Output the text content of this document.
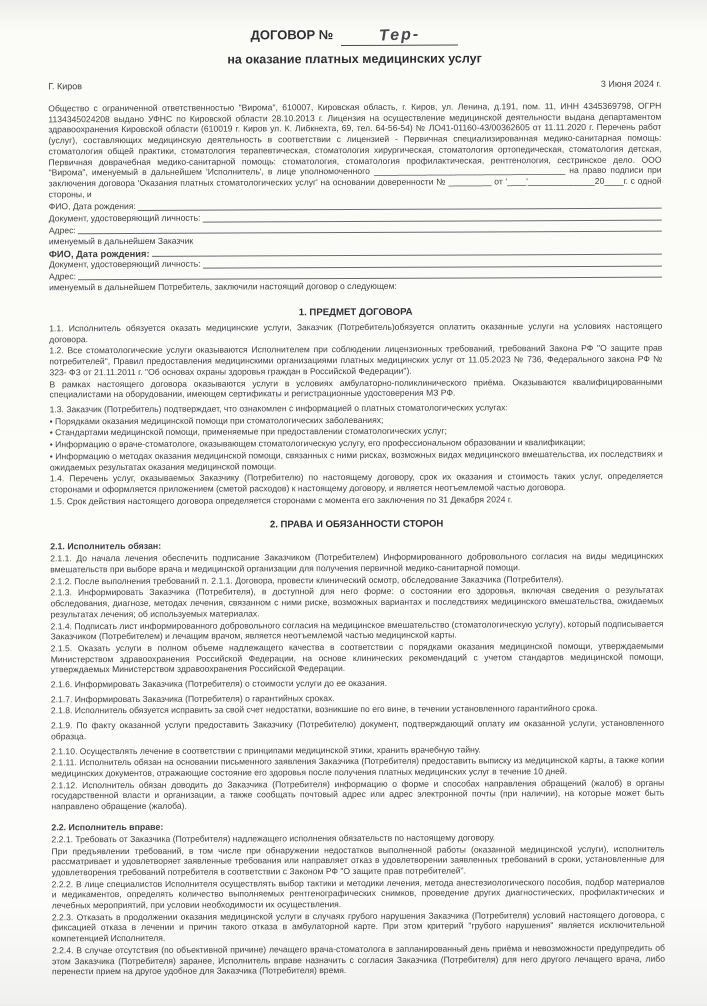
ДОГОВОР №	Тер-
на оказание платных медицинских услуг
Г. Киров	3 Июня 2024 г.

Общество с ограниченной ответственностью "Вирома", 610007, Кировская область, г. Киров, ул. Ленина, д.191, пом. 11, ИНН 4345369798, ОГРН 1134345024208 выдано УФНС по Кировской области 28.10.2013 г. Лицензия на осуществление медицинской деятельности выдана департаментом здравоохранения Кировской области (610019 г. Киров ул. К. Либкнехта, 69, тел. 64-56-54) № ЛО41-01160-43/00362605 от 11.11.2020 г. Перечень работ (услуг), составляющих медицинскую деятельность в соответствии с лицензией - Первичная специализированная медико-санитарная помощь: стоматология общей практики, стоматология терапевтическая, стоматология хирургическая, стоматология ортопедическая, стоматология детская, Первичная доврачебная медико-санитарной помощь: стоматология, стоматология профилактическая, рентгенология, сестринское дело. ООО "Вирома", именуемый в дальнейшем 'Исполнитель', в лице уполномоченного ________________________________________ на право подписи при заключения договора 'Оказания платных стоматологических услуг' на основании доверенности № _________ от '____'______________20____г. с одной стороны, и

ФИО, Дата рождения:
Документ, удостоверяющий личность:
Адрес:
именуемый в дальнейшем Заказчик
ФИО, Дата рождения:
Документ, удостоверяющий личность:
Адрес:
именуемый в дальнейшем Потребитель, заключили настоящий договор о следующем:
1. ПРЕДМЕТ ДОГОВОРА

1.1. Исполнитель обязуется оказать медицинские услуги, Заказчик (Потребитель)обязуется оплатить оказанные услуги на условиях настоящего договора.

1.2. Все стоматологические услуги оказываются Исполнителем при соблюдении лицензионных требований, требований Закона РФ "О защите прав потребителей", Правил предоставления медицинскими организациями платных медицинских услуг от 11.05.2023 № 736, Федерального закона РФ № 323- ФЗ от 21.11.2011 г. "Об основах охраны здоровья граждан в Российской Федерации").

В рамках настоящего договора оказываются услуги в условиях амбулаторно-поликлинического приёма. Оказываются квалифицированными специалистами на оборудовании, имеющем сертификаты и регистрационные удостоверения МЗ РФ.

1.3. Заказчик (Потребитель) подтверждает, что ознакомлен с информацией о платных стоматологических услугах:

• Порядками оказания медицинской помощи при стоматологических заболеваниях;

• Стандартами медицинской помощи, применяемые при предоставлении стоматологических услуг;

• Информацию о враче-стоматологе, оказывающем стоматологическую услугу, его профессиональном образовании и квалификации;

• Информацию о методах оказания медицинской помощи, связанных с ними рисках, возможных видах медицинского вмешательства, их последствиях и ожидаемых результатах оказания медицинской помощи.

1.4. Перечень услуг, оказываемых Заказчику (Потребителю) по настоящему договору, срок их оказания и стоимость таких услуг, определяется сторонами и оформляется приложением (сметой расходов) к настоящему договору, и является неотъемлемой частью договора.

1.5. Срок действия настоящего договора определяется сторонами с момента его заключения по 31 Декабря 2024 г.

2. ПРАВА И ОБЯЗАННОСТИ СТОРОН
2.1. Исполнитель обязан:

2.1.1. До начала лечения обеспечить подписание Заказчиком (Потребителем) Информированного добровольного согласия на виды медицинских вмешательств при выборе врача и медицинской организации для получения первичной медико-санитарной помощи.

2.1.2. После выполнения требований п. 2.1.1. Договора, провести клинический осмотр, обследование Заказчика (Потребителя).

2.1.3. Информировать Заказчика (Потребителя), в доступной для него форме: о состоянии его здоровья, включая сведения о результатах обследования, диагнозе, методах лечения, связанном с ними риске, возможных вариантах и последствиях медицинского вмешательства, ожидаемых результатах лечения; об используемых материалах.

2.1.4. Подписать лист информированного добровольного согласия на медицинское вмешательство (стоматологическую услугу), который подписывается Заказчиком (Потребителем) и лечащим врачом, является неотъемлемой частью медицинской карты.

2.1.5. Оказать услуги в полном объеме надлежащего качества в соответствии с порядками оказания медицинской помощи, утверждаемыми Министерством здравоохранения Российской Федерации, на основе клинических рекомендаций с учетом стандартов медицинской помощи, утверждаемых Министерством здравоохранения Российской Федерации.

2.1.6. Информировать Заказчика (Потребителя) о стоимости услуги до ее оказания.

2.1.7. Информировать Заказчика (Потребителя) о гарантийных сроках.

2.1.8. Исполнитель обязуется исправить за свой счет недостатки, возникшие по его вине, в течении установленного гарантийного срока.

2.1.9. По факту оказанной услуги предоставить Заказчику (Потребителю) документ, подтверждающий оплату им оказанной услуги, установленного образца.

2.1.10. Осуществлять лечение в соответствии с принципами медицинской этики, хранить врачебную тайну.

2.1.11. Исполнитель обязан на основании письменного заявления Заказчика (Потребителя) предоставить выписку из медицинской карты, а также копии медицинских документов, отражающие состояние его здоровья после получения платных медицинских услуг в течение 10 дней.

2.1.12. Исполнитель обязан доводить до Заказчика (Потребителя) информацию о форме и способах направления обращений (жалоб) в органы государственной власти и организации, а также сообщать почтовый адрес или адрес электронной почты (при наличии), на которые может быть направлено обращение (жалоба).

2.2. Исполнитель вправе:

2.2.1. Требовать от Заказчика (Потребителя) надлежащего исполнения обязательств по настоящему договору.

При предъявлении требований, в том числе при обнаружении недостатков выполненной работы (оказанной медицинской услуги), исполнитель рассматривает и удовлетворяет заявленные требования или направляет отказ в удовлетворении заявленных требований в сроки, установленные для удовлетворения требований потребителя в соответствии с Законом РФ "О защите прав потребителей".

2.2.2. В лице специалистов Исполнителя осуществлять выбор тактики и методики лечения, метода анестезиологического пособия, подбор материалов и медикаментов, определять количество выполняемых рентгенографических снимков, проведение других диагностических, профилактических и лечебных мероприятий, при условии необходимости их осуществления.

2.2.3. Отказать в продолжении оказания медицинской услуги в случаях грубого нарушения Заказчика (Потребителя) условий настоящего договора, с фиксацией отказа в лечении и причин такого отказа в амбулаторной карте. При этом критерий "грубого нарушения" является исключительной компетенцией Исполнителя.

2.2.4. В случае отсутствия (по объективной причине) лечащего врача-стоматолога в запланированный день приёма и невозможности предупредить об этом Заказчика (Потребителя) заранее, Исполнитель вправе назначить с согласия Заказчика (Потребителя) для него другого лечащего врача, либо перенести прием на другое удобное для Заказчика (Потребителя) время.
